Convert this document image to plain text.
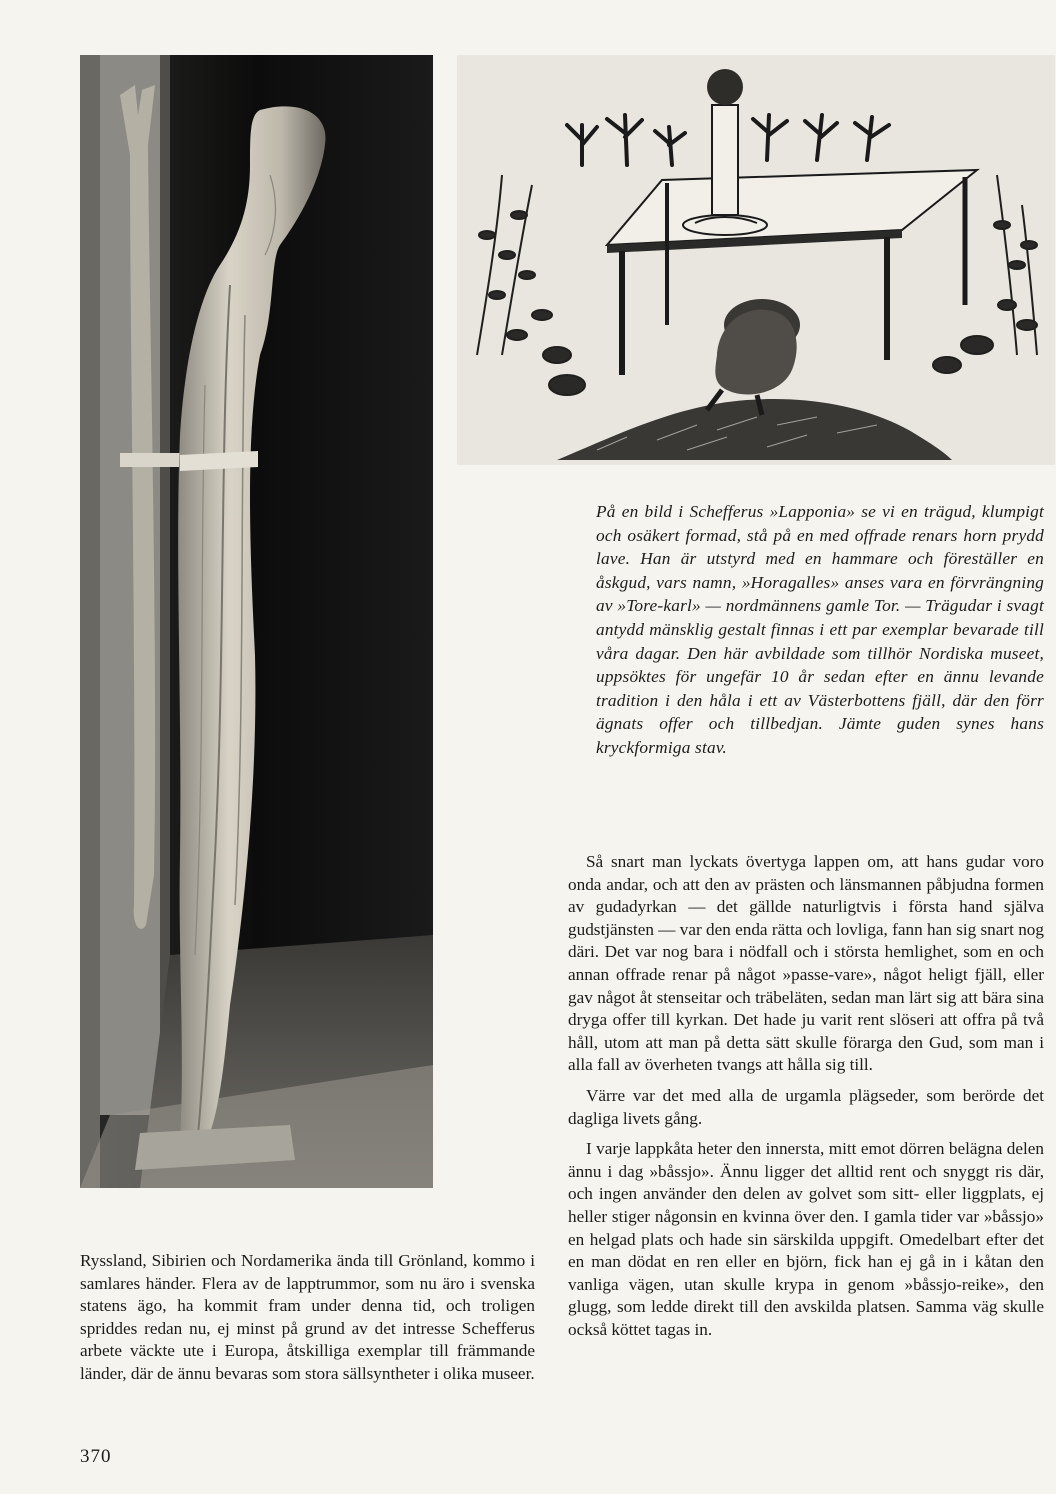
På en bild i Schefferus »Lapponia» se vi en trägud, klumpigt och osäkert formad, stå på en med offrade renars horn prydd lave. Han är utstyrd med en hammare och föreställer en åskgud, vars namn, »Horagalles» anses vara en förvrängning av »Tore-karl» — nordmännens gamle Tor. — Trägudar i svagt antydd mänsklig gestalt finnas i ett par exemplar bevarade till våra dagar. Den här avbildade som tillhör Nordiska museet, uppsöktes för ungefär 10 år sedan efter en ännu levande tradition i den håla i ett av Västerbottens fjäll, där den förr ägnats offer och tillbedjan. Jämte guden synes hans kryckformiga stav.

Så snart man lyckats övertyga lappen om, att hans gudar voro onda andar, och att den av prästen och länsmannen påbjudna formen av gudadyrkan — det gällde naturligtvis i första hand själva gudstjänsten — var den enda rätta och lovliga, fann han sig snart nog däri. Det var nog bara i nödfall och i största hemlighet, som en och annan offrade renar på något »passe-vare», något heligt fjäll, eller gav något åt stenseitar och träbeläten, sedan man lärt sig att bära sina dryga offer till kyrkan. Det hade ju varit rent slöseri att offra på två håll, utom att man på detta sätt skulle förarga den Gud, som man i alla fall av överheten tvangs att hålla sig till.

Värre var det med alla de urgamla plägseder, som berörde det dagliga livets gång.

I varje lappkåta heter den innersta, mitt emot dörren belägna delen ännu i dag »båssjo». Ännu ligger det alltid rent och snyggt ris där, och ingen använder den delen av golvet som sitt- eller liggplats, ej heller stiger någonsin en kvinna över den. I gamla tider var »båssjo» en helgad plats och hade sin särskilda uppgift. Omedelbart efter det en man dödat en ren eller en björn, fick han ej gå in i kåtan den vanliga vägen, utan skulle krypa in genom »båssjo-reike», den glugg, som ledde direkt till den avskilda platsen. Samma väg skulle också köttet tagas in.

Ryssland, Sibirien och Nordamerika ända till Grönland, kommo i samlares händer. Flera av de lapptrummor, som nu äro i svenska statens ägo, ha kommit fram under denna tid, och troligen spriddes redan nu, ej minst på grund av det intresse Schefferus arbete väckte ute i Europa, åtskilliga exemplar till främmande länder, där de ännu bevaras som stora sällsyntheter i olika museer.

370
